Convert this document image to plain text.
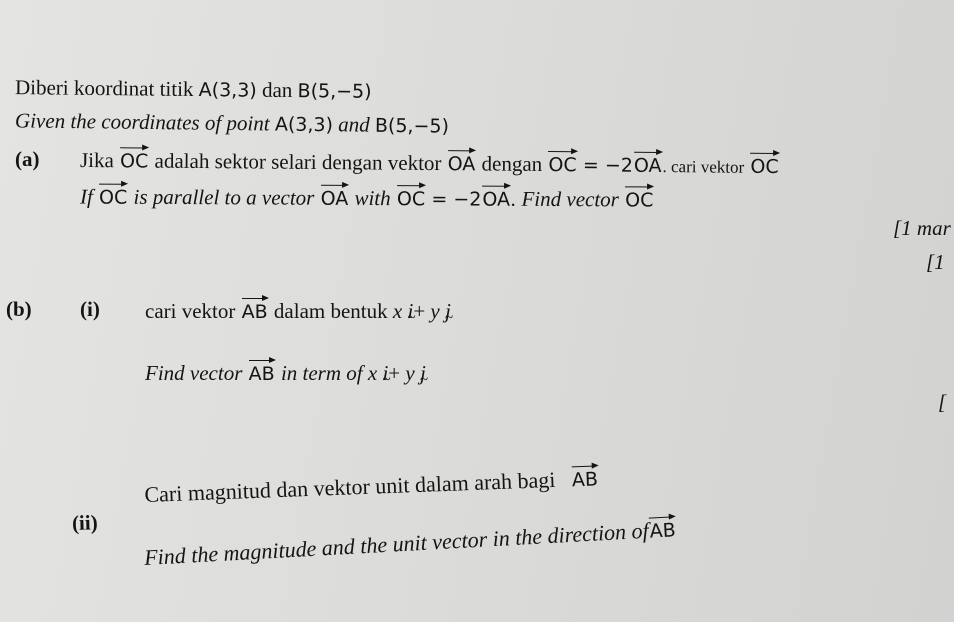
Diberi koordinat titik A(3,3) dan B(5,−5)
Given the coordinates of point A(3,3) and B(5,−5)
(a) Jika OC adalah sektor selari dengan vektor OA dengan OC = −2OA. cari vektor OC
If OC is parallel to a vector OA with OC = −2OA. Find vector OC
[1 mar
[1
(b) (i) cari vektor AB dalam bentuk x i ~+ y j ~
Find vector AB in term of x i ~+ y j ~
[
(ii)
Cari magnitud dan vektor unit dalam arah bagi AB
Find the magnitude and the unit vector in the direction ofAB
